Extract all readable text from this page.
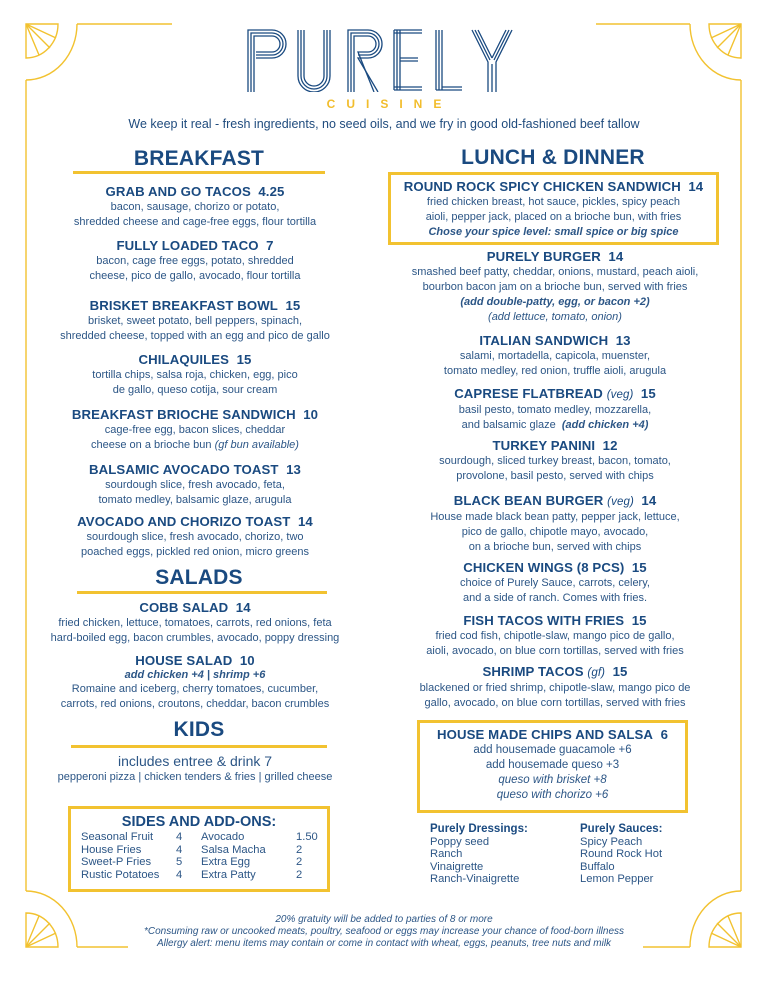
CUISINE
We keep it real - fresh ingredients, no seed oils, and we fry in good old-fashioned beef tallow
BREAKFAST
GRAB AND GO TACOS 4.25
bacon, sausage, chorizo or potato,
shredded cheese and cage-free eggs, flour tortilla
FULLY LOADED TACO 7
bacon, cage free eggs, potato, shredded
cheese, pico de gallo, avocado, flour tortilla
BRISKET BREAKFAST BOWL 15
brisket, sweet potato, bell peppers, spinach,
shredded cheese, topped with an egg and pico de gallo
CHILAQUILES 15
tortilla chips, salsa roja, chicken, egg, pico
de gallo, queso cotija, sour cream
BREAKFAST BRIOCHE SANDWICH 10
cage-free egg, bacon slices, cheddar
cheese on a brioche bun (gf bun available)
BALSAMIC AVOCADO TOAST 13
sourdough slice, fresh avocado, feta,
tomato medley, balsamic glaze, arugula
AVOCADO AND CHORIZO TOAST 14
sourdough slice, fresh avocado, chorizo, two
poached eggs, pickled red onion, micro greens
SALADS
COBB SALAD 14
fried chicken, lettuce, tomatoes, carrots, red onions, feta
hard-boiled egg, bacon crumbles, avocado, poppy dressing
HOUSE SALAD 10
add chicken +4 | shrimp +6
Romaine and iceberg, cherry tomatoes, cucumber,
carrots, red onions, croutons, cheddar, bacon crumbles
KIDS
includes entree & drink 7
pepperoni pizza | chicken tenders & fries | grilled cheese
SIDES AND ADD-ONS:
Seasonal Fruit	4	Avocado	1.50
House Fries	4	Salsa Macha	2
Sweet-P Fries	5	Extra Egg	2
Rustic Potatoes	4	Extra Patty	2
LUNCH & DINNER
ROUND ROCK SPICY CHICKEN SANDWICH 14
fried chicken breast, hot sauce, pickles, spicy peach
aioli, pepper jack, placed on a brioche bun, with fries
Chose your spice level: small spice or big spice
PURELY BURGER 14
smashed beef patty, cheddar, onions, mustard, peach aioli,
bourbon bacon jam on a brioche bun, served with fries
(add double-patty, egg, or bacon +2)
(add lettuce, tomato, onion)
ITALIAN SANDWICH 13
salami, mortadella, capicola, muenster,
tomato medley, red onion, truffle aioli, arugula
CAPRESE FLATBREAD (veg) 15
basil pesto, tomato medley, mozzarella,
and balsamic glaze (add chicken +4)
TURKEY PANINI 12
sourdough, sliced turkey breast, bacon, tomato,
provolone, basil pesto, served with chips
BLACK BEAN BURGER (veg) 14
House made black bean patty, pepper jack, lettuce,
pico de gallo, chipotle mayo, avocado,
on a brioche bun, served with chips
CHICKEN WINGS (8 PCS) 15
choice of Purely Sauce, carrots, celery,
and a side of ranch. Comes with fries.
FISH TACOS WITH FRIES 15
fried cod fish, chipotle-slaw, mango pico de gallo,
aioli, avocado, on blue corn tortillas, served with fries
SHRIMP TACOS (gf) 15
blackened or fried shrimp, chipotle-slaw, mango pico de
gallo, avocado, on blue corn tortillas, served with fries
HOUSE MADE CHIPS AND SALSA 6
add housemade guacamole +6
add housemade queso +3
queso with brisket +8
queso with chorizo +6
Purely Dressings:
Poppy seed
Ranch
Vinaigrette
Ranch-Vinaigrette
Purely Sauces:
Spicy Peach
Round Rock Hot
Buffalo
Lemon Pepper
20% gratuity will be added to parties of 8 or more
*Consuming raw or uncooked meats, poultry, seafood or eggs may increase your chance of food-born illness
Allergy alert: menu items may contain or come in contact with wheat, eggs, peanuts, tree nuts and milk
